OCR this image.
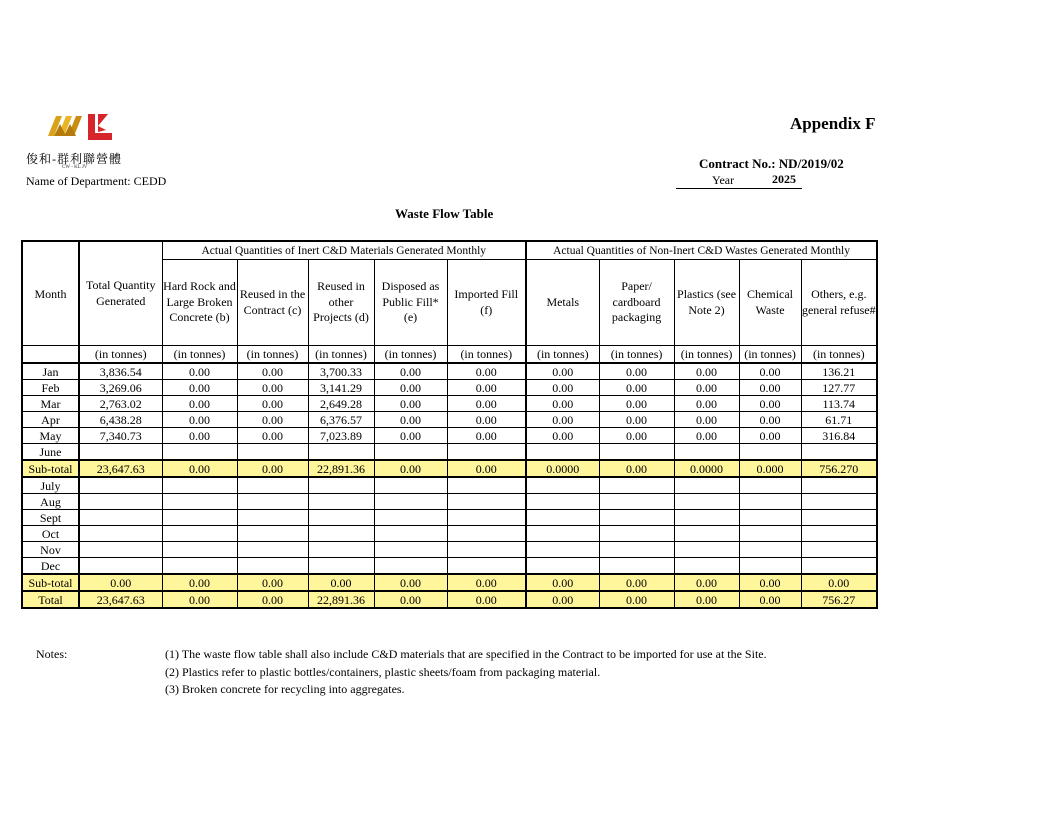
俊和-群利聯營體
CW - KL JV
Name of Department: CEDD
Appendix F
Contract No.: ND/2019/02
Year	2025
Waste Flow Table
Month	Total Quantity Generated	Actual Quantities of Inert C&D Materials Generated Monthly					Actual Quantities of Non-Inert C&D Wastes Generated Monthly				
		Hard Rock and Large Broken Concrete (b)	Reused in the Contract (c)	Reused in other Projects (d)	Disposed as Public Fill* (e)	Imported Fill (f)	Metals	Paper/ cardboard packaging	Plastics (see Note 2)	Chemical Waste	Others, e.g. general refuse#
	(in tonnes)	(in tonnes)	(in tonnes)	(in tonnes)	(in tonnes)	(in tonnes)	(in tonnes)	(in tonnes)	(in tonnes)	(in tonnes)	(in tonnes)
Jan	3,836.54	0.00	0.00	3,700.33	0.00	0.00	0.00	0.00	0.00	0.00	136.21
Feb	3,269.06	0.00	0.00	3,141.29	0.00	0.00	0.00	0.00	0.00	0.00	127.77
Mar	2,763.02	0.00	0.00	2,649.28	0.00	0.00	0.00	0.00	0.00	0.00	113.74
Apr	6,438.28	0.00	0.00	6,376.57	0.00	0.00	0.00	0.00	0.00	0.00	61.71
May	7,340.73	0.00	0.00	7,023.89	0.00	0.00	0.00	0.00	0.00	0.00	316.84
June											
Sub-total	23,647.63	0.00	0.00	22,891.36	0.00	0.00	0.0000	0.00	0.0000	0.000	756.270
July											
Aug											
Sept											
Oct											
Nov											
Dec											
Sub-total	0.00	0.00	0.00	0.00	0.00	0.00	0.00	0.00	0.00	0.00	0.00
Total	23,647.63	0.00	0.00	22,891.36	0.00	0.00	0.00	0.00	0.00	0.00	756.27
Notes:	(1) The waste flow table shall also include C&D materials that are specified in the Contract to be imported for use at the Site.
(2) Plastics refer to plastic bottles/containers, plastic sheets/foam from packaging material.
(3) Broken concrete for recycling into aggregates.
